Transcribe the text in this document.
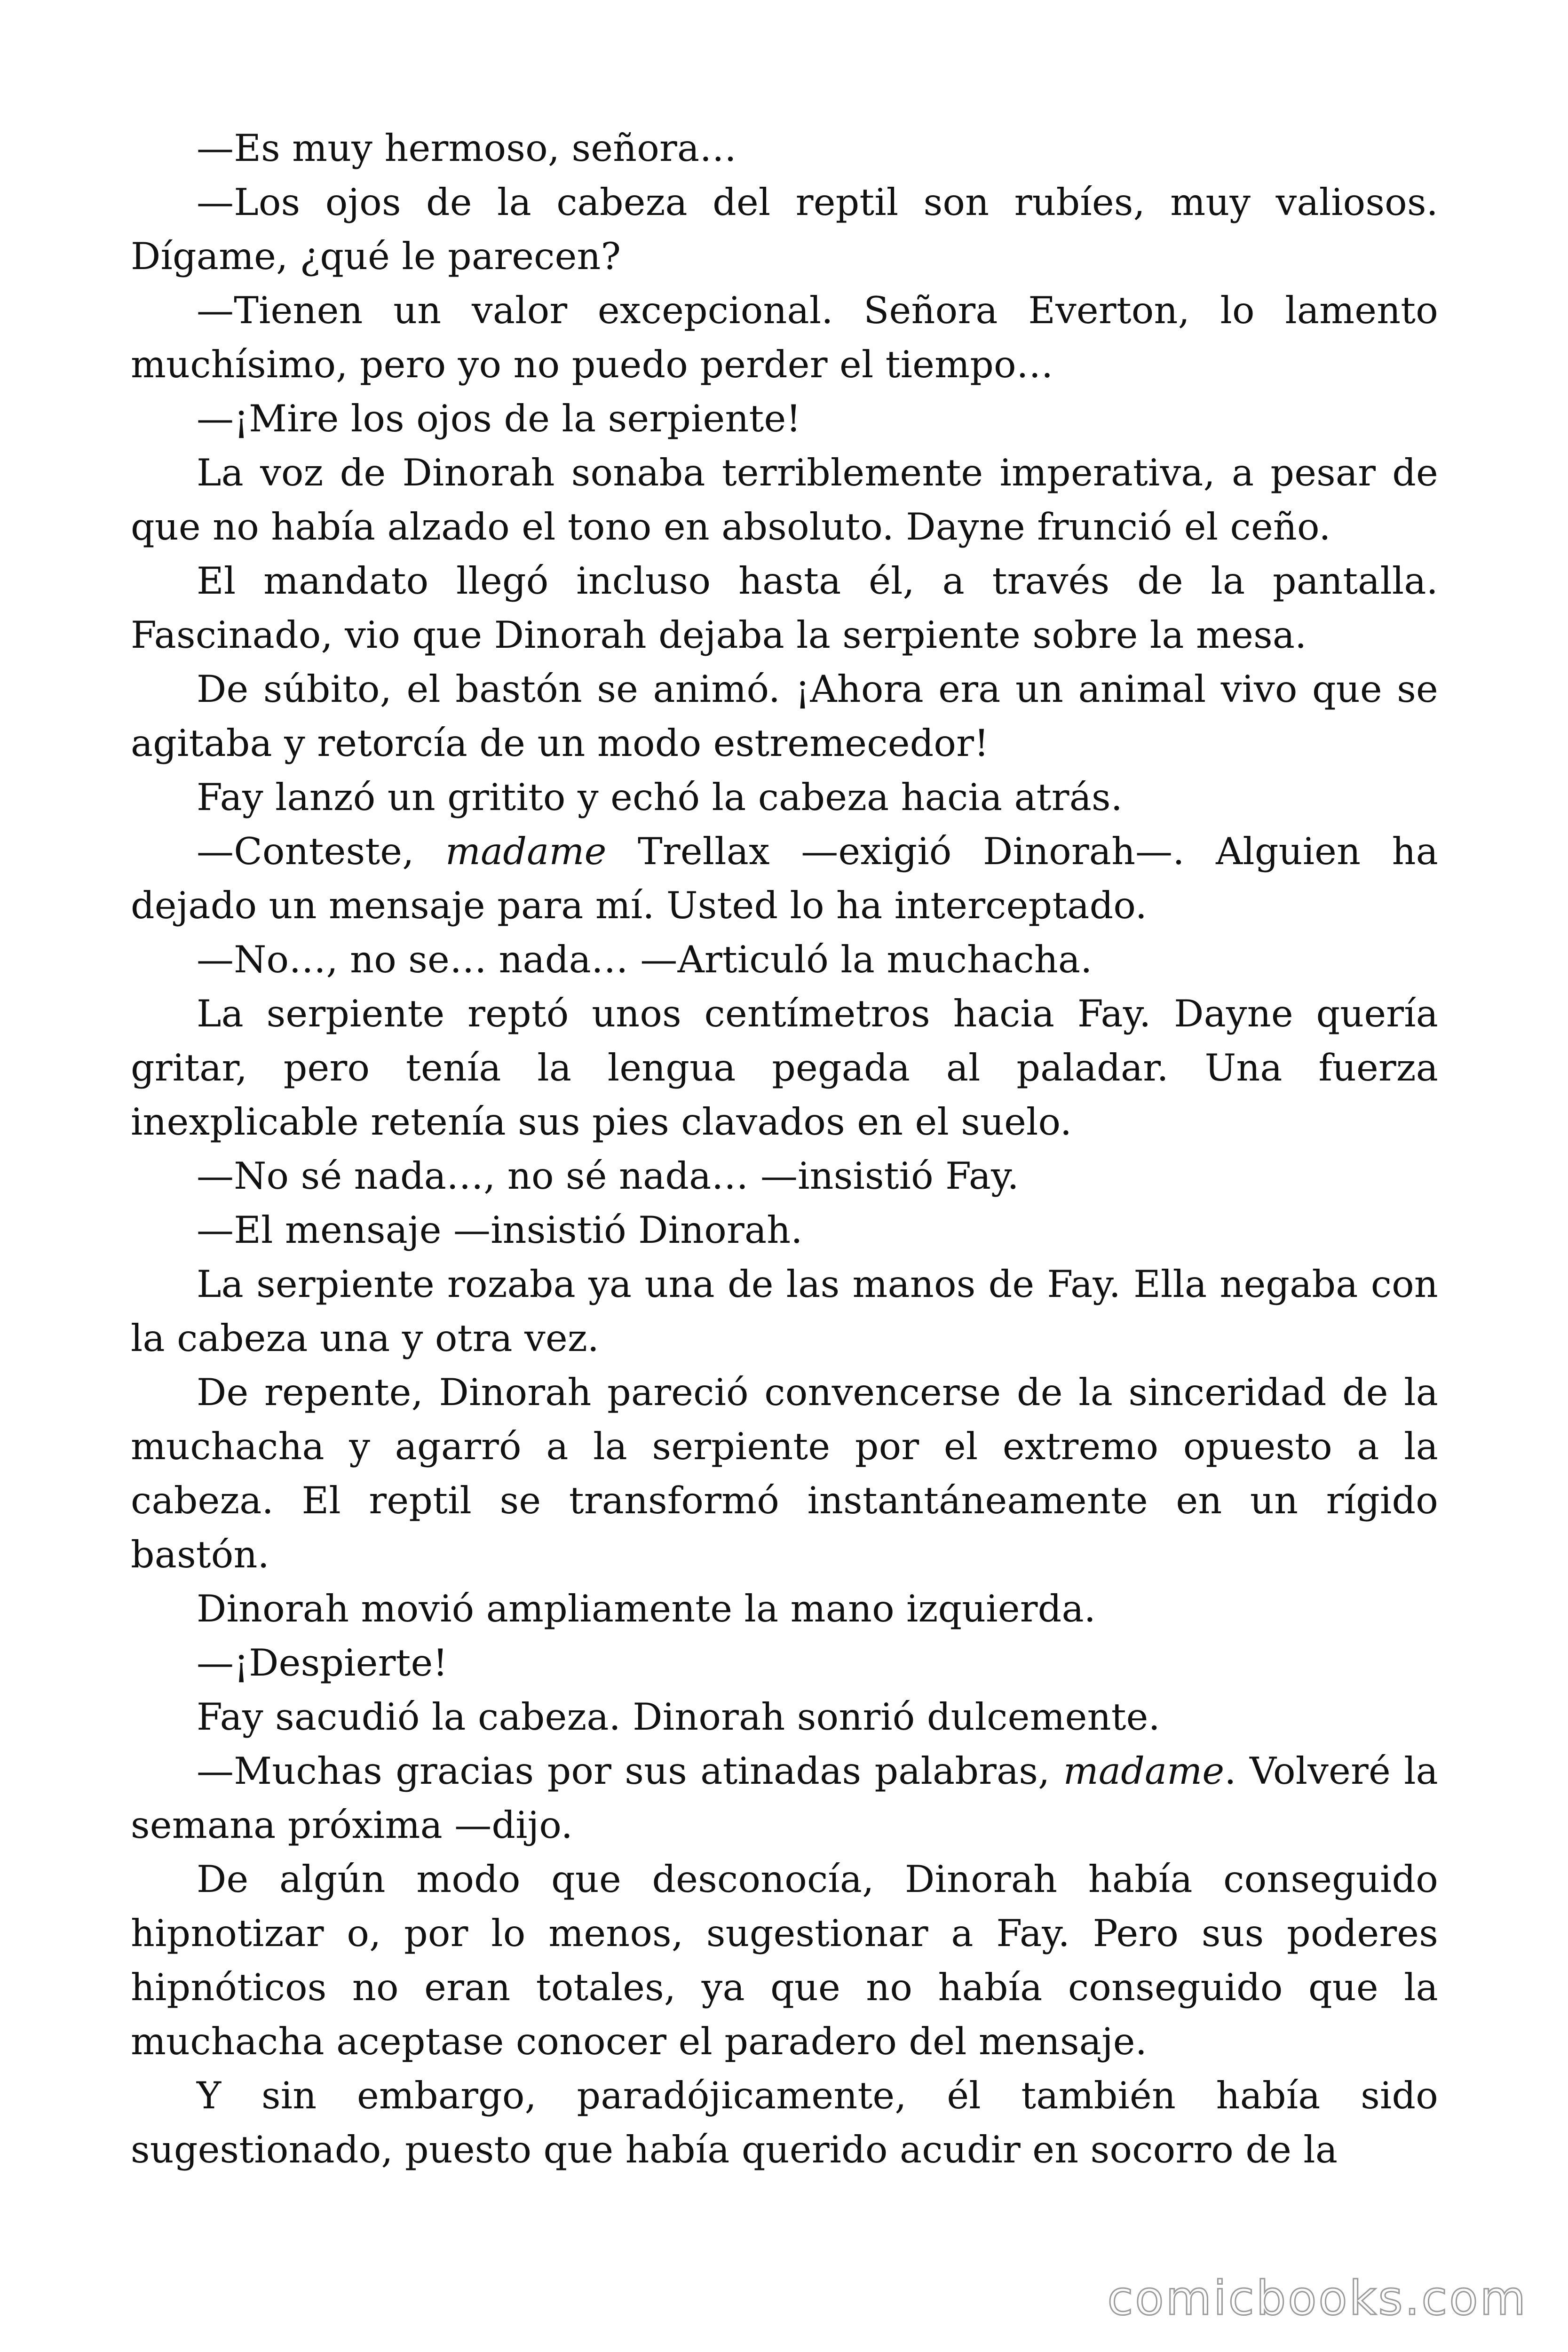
—Es muy hermoso, señora…

—Los ojos de la cabeza del reptil son rubíes, muy valiosos. Dígame, ¿qué le parecen?

—Tienen un valor excepcional. Señora Everton, lo lamento muchísimo, pero yo no puedo perder el tiempo…

—¡Mire los ojos de la serpiente!

La voz de Dinorah sonaba terriblemente imperativa, a pesar de que no había alzado el tono en absoluto. Dayne frunció el ceño.

El mandato llegó incluso hasta él, a través de la pantalla. Fascinado, vio que Dinorah dejaba la serpiente sobre la mesa.

De súbito, el bastón se animó. ¡Ahora era un animal vivo que se agitaba y retorcía de un modo estremecedor!

Fay lanzó un gritito y echó la cabeza hacia atrás.

—Conteste, madame Trellax —exigió Dinorah—. Alguien ha dejado un mensaje para mí. Usted lo ha interceptado.

—No…, no se… nada… —Articuló la muchacha.

La serpiente reptó unos centímetros hacia Fay. Dayne quería gritar, pero tenía la lengua pegada al paladar. Una fuerza inexplicable retenía sus pies clavados en el suelo.

—No sé nada…, no sé nada… —insistió Fay.

—El mensaje —insistió Dinorah.

La serpiente rozaba ya una de las manos de Fay. Ella negaba con la cabeza una y otra vez.

De repente, Dinorah pareció convencerse de la sinceridad de la muchacha y agarró a la serpiente por el extremo opuesto a la cabeza. El reptil se transformó instantáneamente en un rígido bastón.

Dinorah movió ampliamente la mano izquierda.

—¡Despierte!

Fay sacudió la cabeza. Dinorah sonrió dulcemente.

—Muchas gracias por sus atinadas palabras, madame. Volveré la semana próxima —dijo.

De algún modo que desconocía, Dinorah había conseguido hipnotizar o, por lo menos, sugestionar a Fay. Pero sus poderes hipnóticos no eran totales, ya que no había conseguido que la muchacha aceptase conocer el paradero del mensaje.

Y sin embargo, paradójicamente, él también había sido sugestionado, puesto que había querido acudir en socorro de la

comicbooks.com
